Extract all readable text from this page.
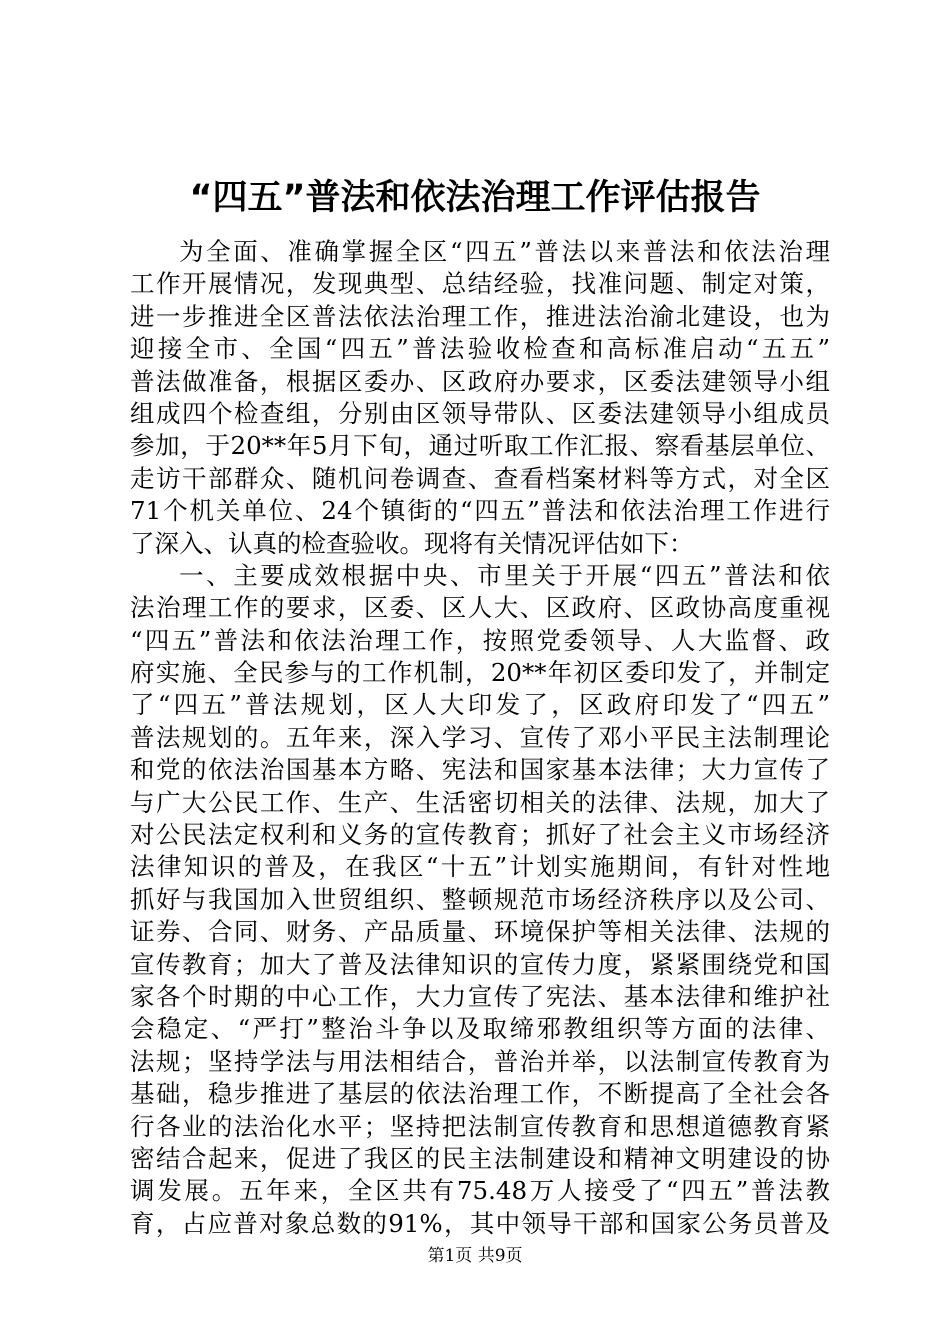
“四五”普法和依法治理工作评估报告
为全面、准确掌握全区“四五”普法以来普法和依法治理
工作开展情况，发现典型、总结经验，找准问题、制定对策，
进一步推进全区普法依法治理工作，推进法治渝北建设，也为
迎接全市、全国“四五”普法验收检查和高标准启动“五五”
普法做准备，根据区委办、区政府办要求，区委法建领导小组
组成四个检查组，分别由区领导带队、区委法建领导小组成员
参加，于20**年5月下旬，通过听取工作汇报、察看基层单位、
走访干部群众、随机问卷调查、查看档案材料等方式，对全区
71个机关单位、24个镇街的“四五”普法和依法治理工作进行
了深入、认真的检查验收。现将有关情况评估如下：
一、主要成效根据中央、市里关于开展“四五”普法和依
法治理工作的要求，区委、区人大、区政府、区政协高度重视
“四五”普法和依法治理工作，按照党委领导、人大监督、政
府实施、全民参与的工作机制，20**年初区委印发了，并制定
了“四五”普法规划，区人大印发了，区政府印发了“四五”
普法规划的。五年来，深入学习、宣传了邓小平民主法制理论
和党的依法治国基本方略、宪法和国家基本法律；大力宣传了
与广大公民工作、生产、生活密切相关的法律、法规，加大了
对公民法定权利和义务的宣传教育；抓好了社会主义市场经济
法律知识的普及，在我区“十五”计划实施期间，有针对性地
抓好与我国加入世贸组织、整顿规范市场经济秩序以及公司、
证券、合同、财务、产品质量、环境保护等相关法律、法规的
宣传教育；加大了普及法律知识的宣传力度，紧紧围绕党和国
家各个时期的中心工作，大力宣传了宪法、基本法律和维护社
会稳定、“严打”整治斗争以及取缔邪教组织等方面的法律、
法规；坚持学法与用法相结合，普治并举，以法制宣传教育为
基础，稳步推进了基层的依法治理工作，不断提高了全社会各
行各业的法治化水平；坚持把法制宣传教育和思想道德教育紧
密结合起来，促进了我区的民主法制建设和精神文明建设的协
调发展。五年来，全区共有75.48万人接受了“四五”普法教
育，占应普对象总数的91%，其中领导干部和国家公务员普及
第1页 共9页
